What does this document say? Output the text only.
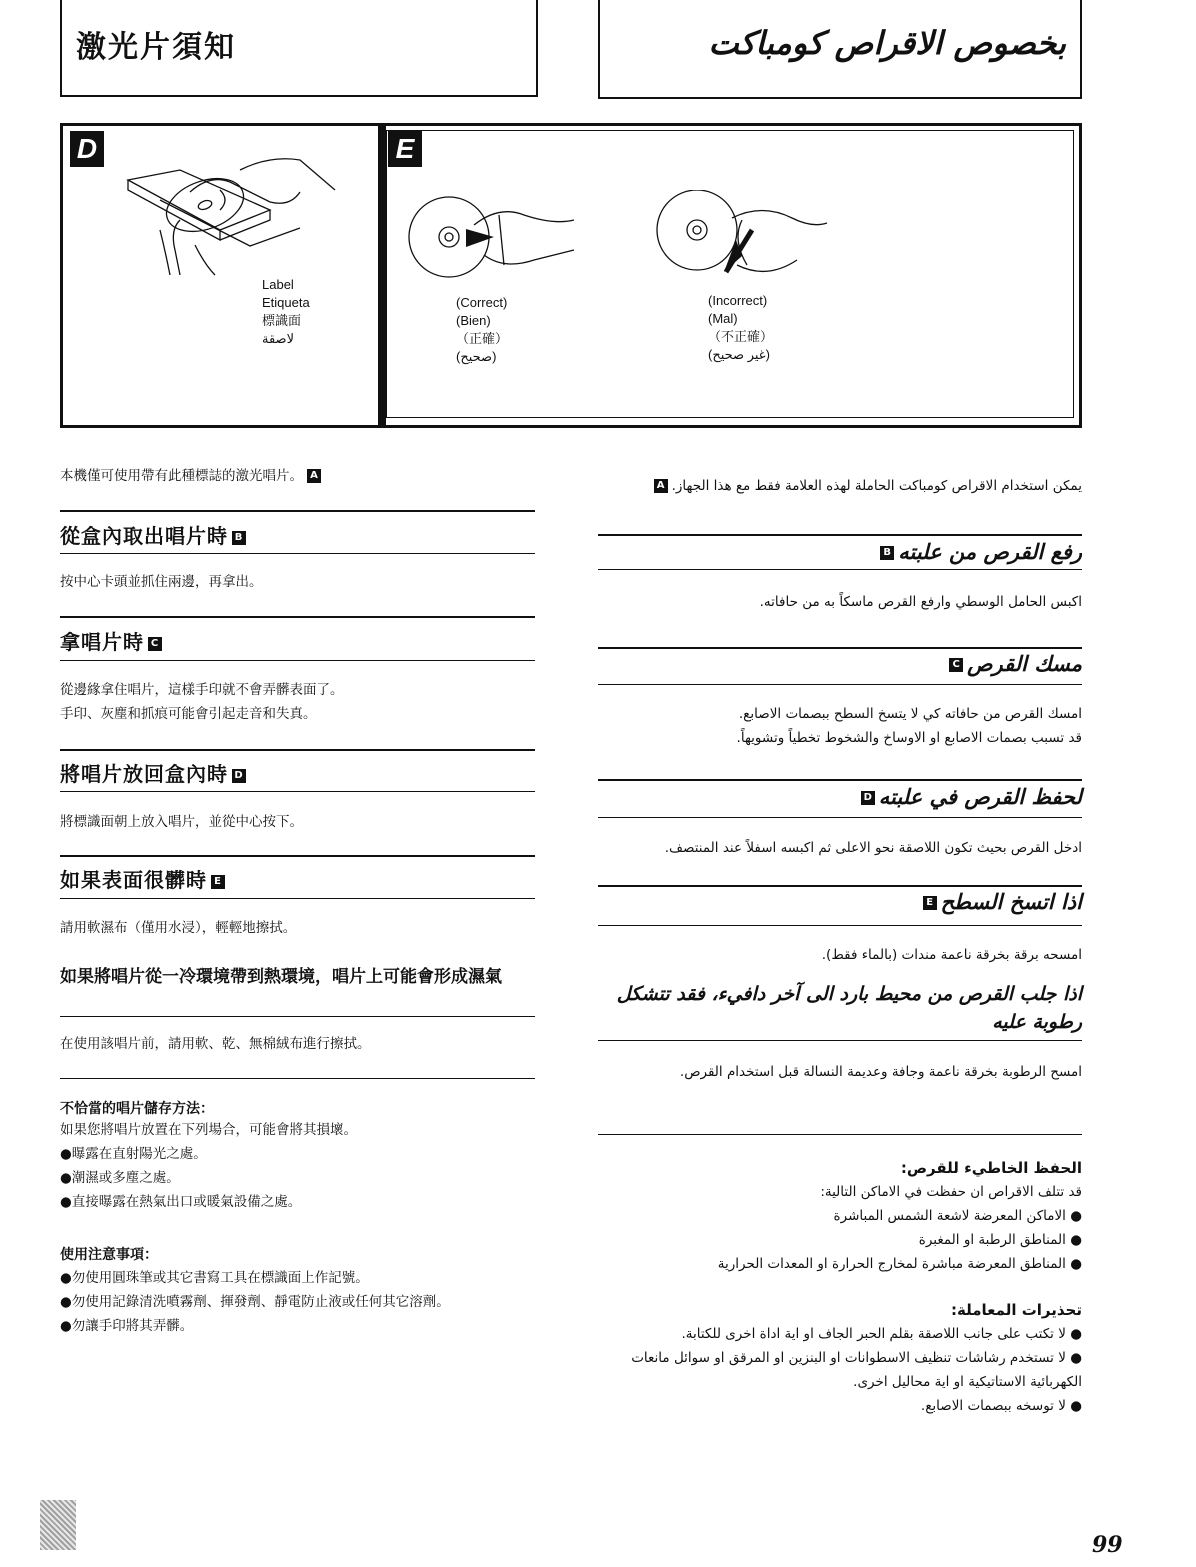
激光片須知	بخصوص الاقراص كومباكت
D	E
Label
Etiqueta
標識面
لاصقة
(Correct)
(Bien)
（正確）
(صحيح)
(Incorrect)
(Mal)
（不正確）
(غير صحيح)
本機僅可使用帶有此種標誌的激光唱片。 A
從盒內取出唱片時 B
按中心卡頭並抓住兩邊，再拿出。
拿唱片時 C
從邊緣拿住唱片，這樣手印就不會弄髒表面了。
手印、灰塵和抓痕可能會引起走音和失真。
將唱片放回盒內時 D
將標識面朝上放入唱片，並從中心按下。
如果表面很髒時 E
請用軟濕布（僅用水浸），輕輕地擦拭。
如果將唱片從一冷環境帶到熱環境，唱片上可能會形成濕氣
在使用該唱片前，請用軟、乾、無棉絨布進行擦拭。
不恰當的唱片儲存方法：
如果您將唱片放置在下列場合，可能會將其損壞。
●曝露在直射陽光之處。
●潮濕或多塵之處。
●直接曝露在熱氣出口或暖氣設備之處。
使用注意事項：
●勿使用圓珠筆或其它書寫工具在標識面上作記號。
●勿使用記錄清洗噴霧劑、揮發劑、靜電防止液或任何其它溶劑。
●勿讓手印將其弄髒。
يمكن استخدام الاقراص كومباكت الحاملة لهذه العلامة فقط مع هذا الجهاز.A
رفع القرص من علبتهB
اكبس الحامل الوسطي وارفع القرص ماسكاً به من حافاته.
مسك القرصC
امسك القرص من حافاته كي لا يتسخ السطح ببصمات الاصابع.
قد تسبب بصمات الاصابع او الاوساخ والشخوط تخطياً وتشويهاً.
لحفظ القرص في علبتهD
ادخل القرص بحيث تكون اللاصقة نحو الاعلى ثم اكبسه اسفلاً عند المنتصف.
اذا اتسخ السطحE
امسحه برقة بخرقة ناعمة مندات (بالماء فقط).
اذا جلب القرص من محيط بارد الى آخر دافيء، فقد تتشكل رطوبة عليه
امسح الرطوبة بخرقة ناعمة وجافة وعديمة النسالة قبل استخدام القرص.
الحفظ الخاطيء للقرص:
قد تتلف الاقراص ان حفظت في الاماكن التالية:
● الاماكن المعرضة لاشعة الشمس المباشرة
● المناطق الرطبة او المغبرة
● المناطق المعرضة مباشرة لمخارج الحرارة او المعدات الحرارية
تحذيرات المعاملة:
● لا تكتب على جانب اللاصقة بقلم الحبر الجاف او اية اداة اخرى للكتابة.
● لا تستخدم رشاشات تنظيف الاسطوانات او البنزين او المرقق او سوائل مانعات الكهربائية الاستاتيكية او اية محاليل اخرى.
● لا توسخه ببصمات الاصابع.
99
